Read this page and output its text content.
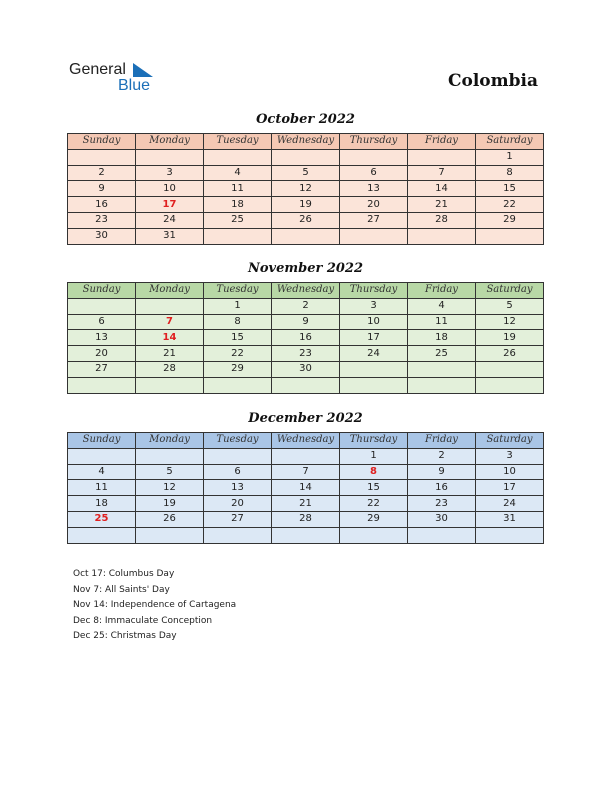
General
Blue	Colombia
October 2022
Sunday	Monday	Tuesday	Wednesday	Thursday	Friday	Saturday
						1
2	3	4	5	6	7	8
9	10	11	12	13	14	15
16	17	18	19	20	21	22
23	24	25	26	27	28	29
30	31					
November 2022
Sunday	Monday	Tuesday	Wednesday	Thursday	Friday	Saturday
		1	2	3	4	5
6	7	8	9	10	11	12
13	14	15	16	17	18	19
20	21	22	23	24	25	26
27	28	29	30			

December 2022
Sunday	Monday	Tuesday	Wednesday	Thursday	Friday	Saturday
				1	2	3
4	5	6	7	8	9	10
11	12	13	14	15	16	17
18	19	20	21	22	23	24
25	26	27	28	29	30	31

Oct 17: Columbus Day
Nov 7: All Saints' Day
Nov 14: Independence of Cartagena
Dec 8: Immaculate Conception
Dec 25: Christmas Day
